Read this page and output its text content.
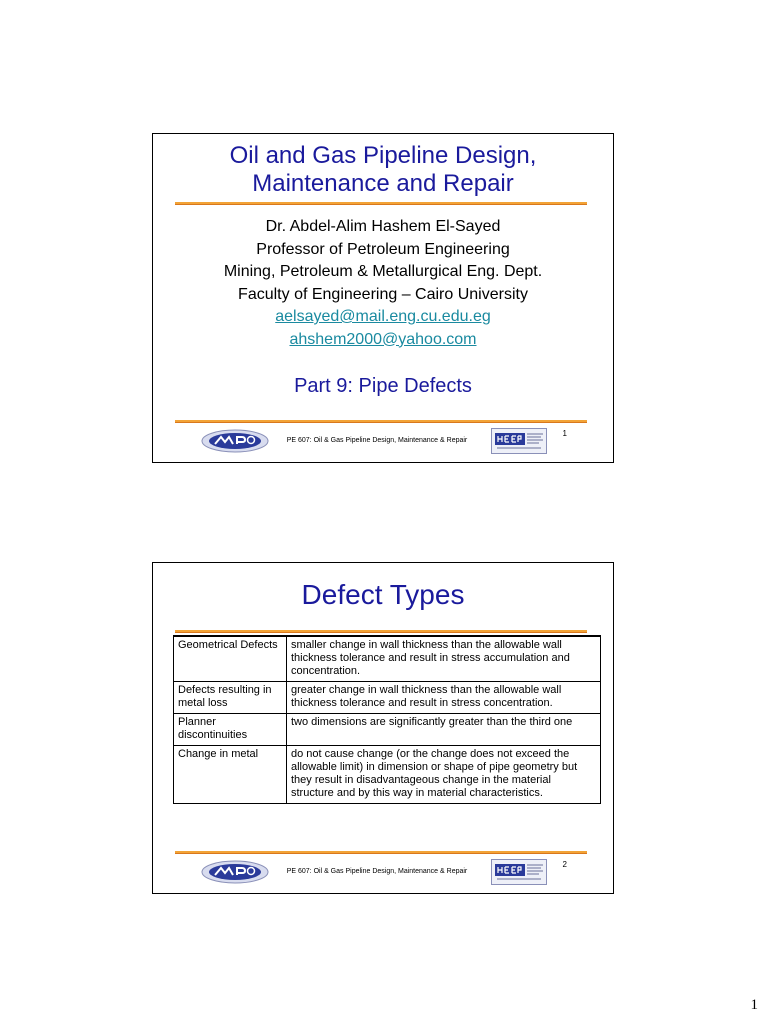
Oil and Gas Pipeline Design,
Maintenance and Repair
Dr. Abdel-Alim Hashem El-Sayed
Professor of Petroleum Engineering
Mining, Petroleum & Metallurgical Eng. Dept.
Faculty of Engineering – Cairo University
aelsayed@mail.eng.cu.edu.eg
ahshem2000@yahoo.com
Part 9: Pipe Defects
PE 607: Oil & Gas Pipeline Design, Maintenance & Repair
1
Defect Types
Geometrical Defects	smaller change in wall thickness than the allowable wall thickness tolerance and result in stress accumulation and concentration.
Defects resulting in metal loss	greater change in wall thickness than the allowable wall thickness tolerance and result in stress concentration.
Planner discontinuities	two dimensions are significantly greater than the third one
Change in metal	do not cause change (or the change does not exceed the allowable limit) in dimension or shape of pipe geometry but they result in disadvantageous change in the material structure and by this way in material characteristics.
PE 607: Oil & Gas Pipeline Design, Maintenance & Repair
2
1
